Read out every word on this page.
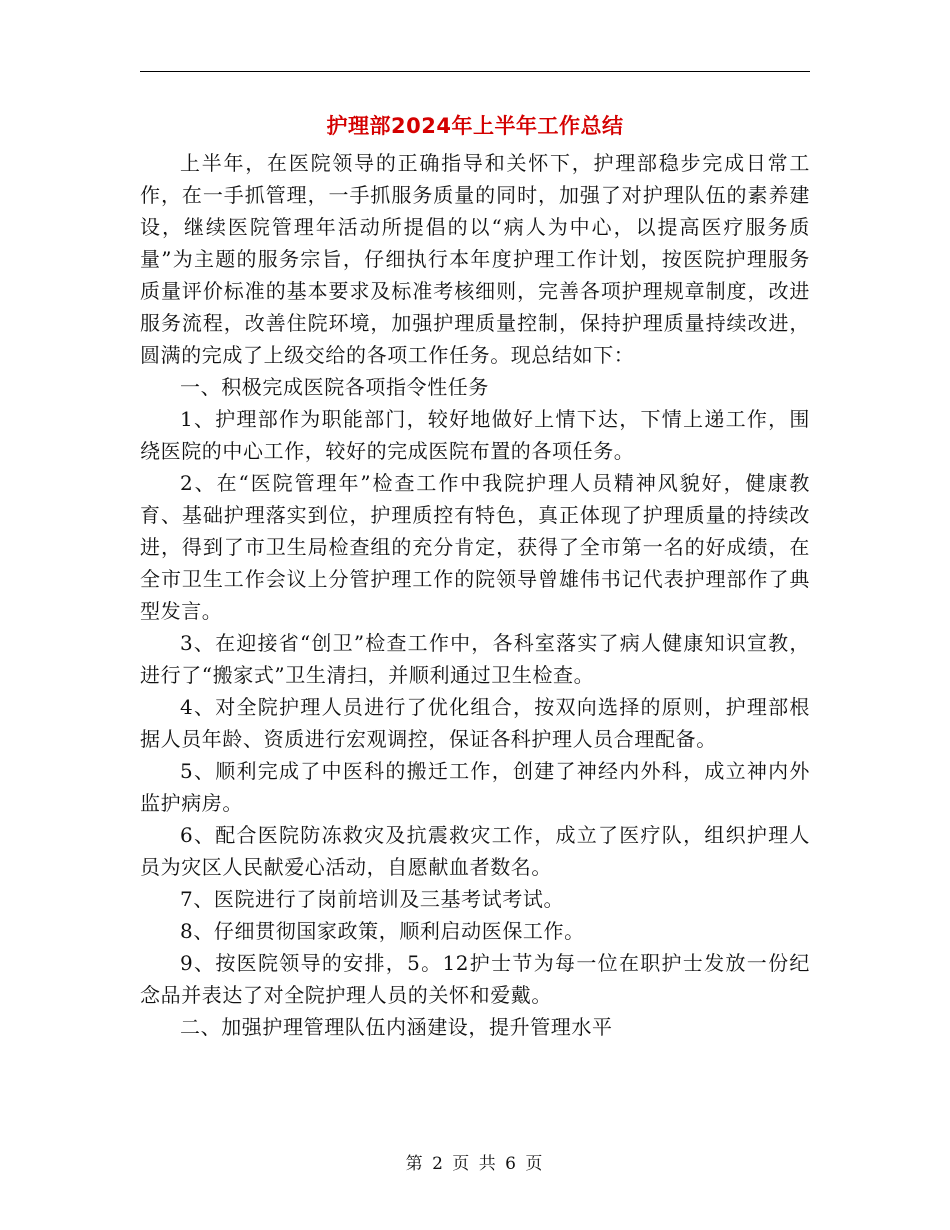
护理部2024年上半年工作总结

上半年，在医院领导的正确指导和关怀下，护理部稳步完成日常工作，在一手抓管理，一手抓服务质量的同时，加强了对护理队伍的素养建设，继续医院管理年活动所提倡的以“病人为中心，以提高医疗服务质量”为主题的服务宗旨，仔细执行本年度护理工作计划，按医院护理服务质量评价标准的基本要求及标准考核细则，完善各项护理规章制度，改进服务流程，改善住院环境，加强护理质量控制，保持护理质量持续改进，圆满的完成了上级交给的各项工作任务。现总结如下：

一、积极完成医院各项指令性任务

1、护理部作为职能部门，较好地做好上情下达，下情上递工作，围绕医院的中心工作，较好的完成医院布置的各项任务。

2、在“医院管理年”检查工作中我院护理人员精神风貌好，健康教育、基础护理落实到位，护理质控有特色，真正体现了护理质量的持续改进，得到了市卫生局检查组的充分肯定，获得了全市第一名的好成绩，在全市卫生工作会议上分管护理工作的院领导曾雄伟书记代表护理部作了典型发言。

3、在迎接省“创卫”检查工作中，各科室落实了病人健康知识宣教，进行了“搬家式”卫生清扫，并顺利通过卫生检查。

4、对全院护理人员进行了优化组合，按双向选择的原则，护理部根据人员年龄、资质进行宏观调控，保证各科护理人员合理配备。

5、顺利完成了中医科的搬迁工作，创建了神经内外科，成立神内外监护病房。

6、配合医院防冻救灾及抗震救灾工作，成立了医疗队，组织护理人员为灾区人民献爱心活动，自愿献血者数名。

7、医院进行了岗前培训及三基考试考试。

8、仔细贯彻国家政策，顺利启动医保工作。

9、按医院领导的安排，5。12护士节为每一位在职护士发放一份纪念品并表达了对全院护理人员的关怀和爱戴。

二、加强护理管理队伍内涵建设，提升管理水平

第 2 页 共 6 页
